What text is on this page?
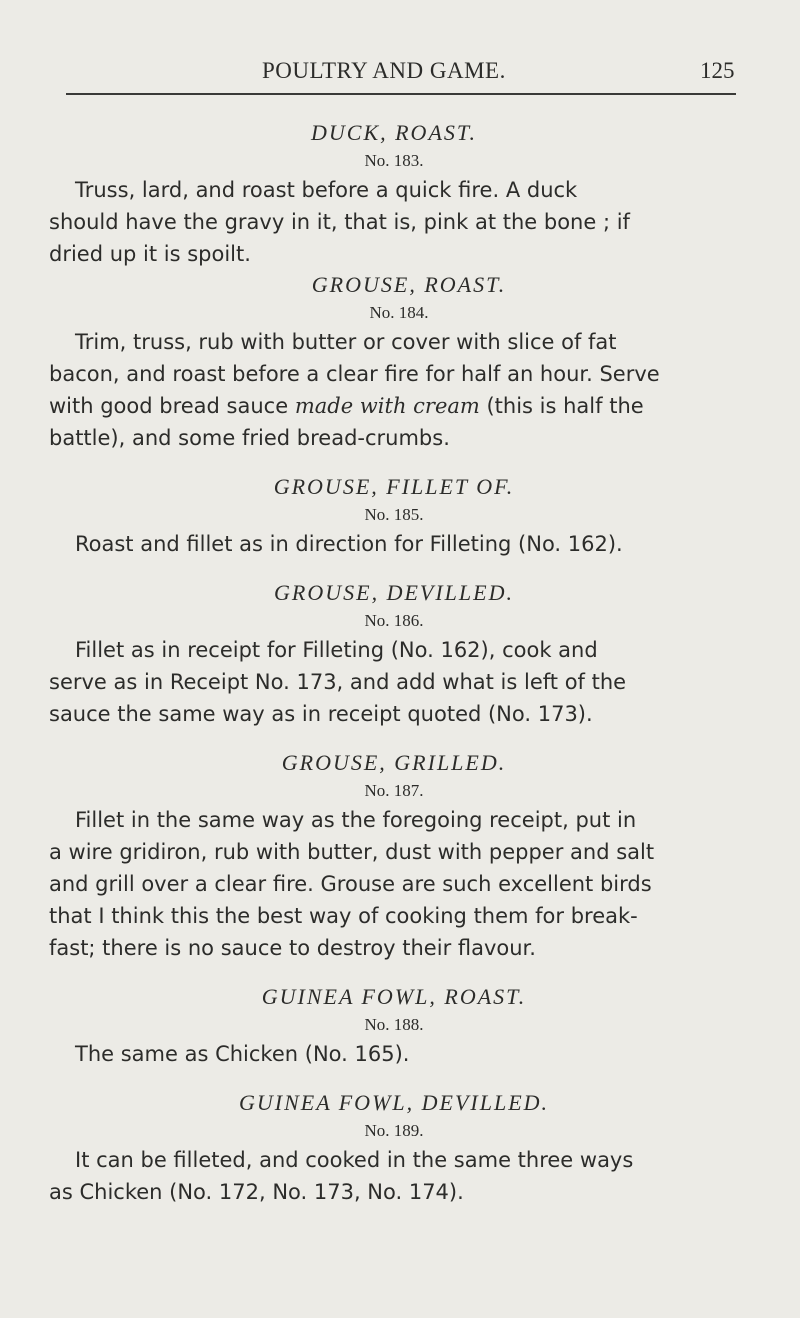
POULTRY AND GAME.	125

DUCK, ROAST.

No. 183.

Truss, lard, and roast before a quick fire. A duck
should have the gravy in it, that is, pink at the bone ; if
dried up it is spoilt.

GROUSE, ROAST.

No. 184.

Trim, truss, rub with butter or cover with slice of fat
bacon, and roast before a clear fire for half an hour. Serve
with good bread sauce made with cream (this is half the
battle), and some fried bread-crumbs.

GROUSE, FILLET OF.

No. 185.

Roast and fillet as in direction for Filleting (No. 162).

GROUSE, DEVILLED.

No. 186.

Fillet as in receipt for Filleting (No. 162), cook and
serve as in Receipt No. 173, and add what is left of the
sauce the same way as in receipt quoted (No. 173).

GROUSE, GRILLED.

No. 187.

Fillet in the same way as the foregoing receipt, put in
a wire gridiron, rub with butter, dust with pepper and salt
and grill over a clear fire. Grouse are such excellent birds
that I think this the best way of cooking them for break-
fast; there is no sauce to destroy their flavour.

GUINEA FOWL, ROAST.

No. 188.

The same as Chicken (No. 165).

GUINEA FOWL, DEVILLED.

No. 189.

It can be filleted, and cooked in the same three ways
as Chicken (No. 172, No. 173, No. 174).
